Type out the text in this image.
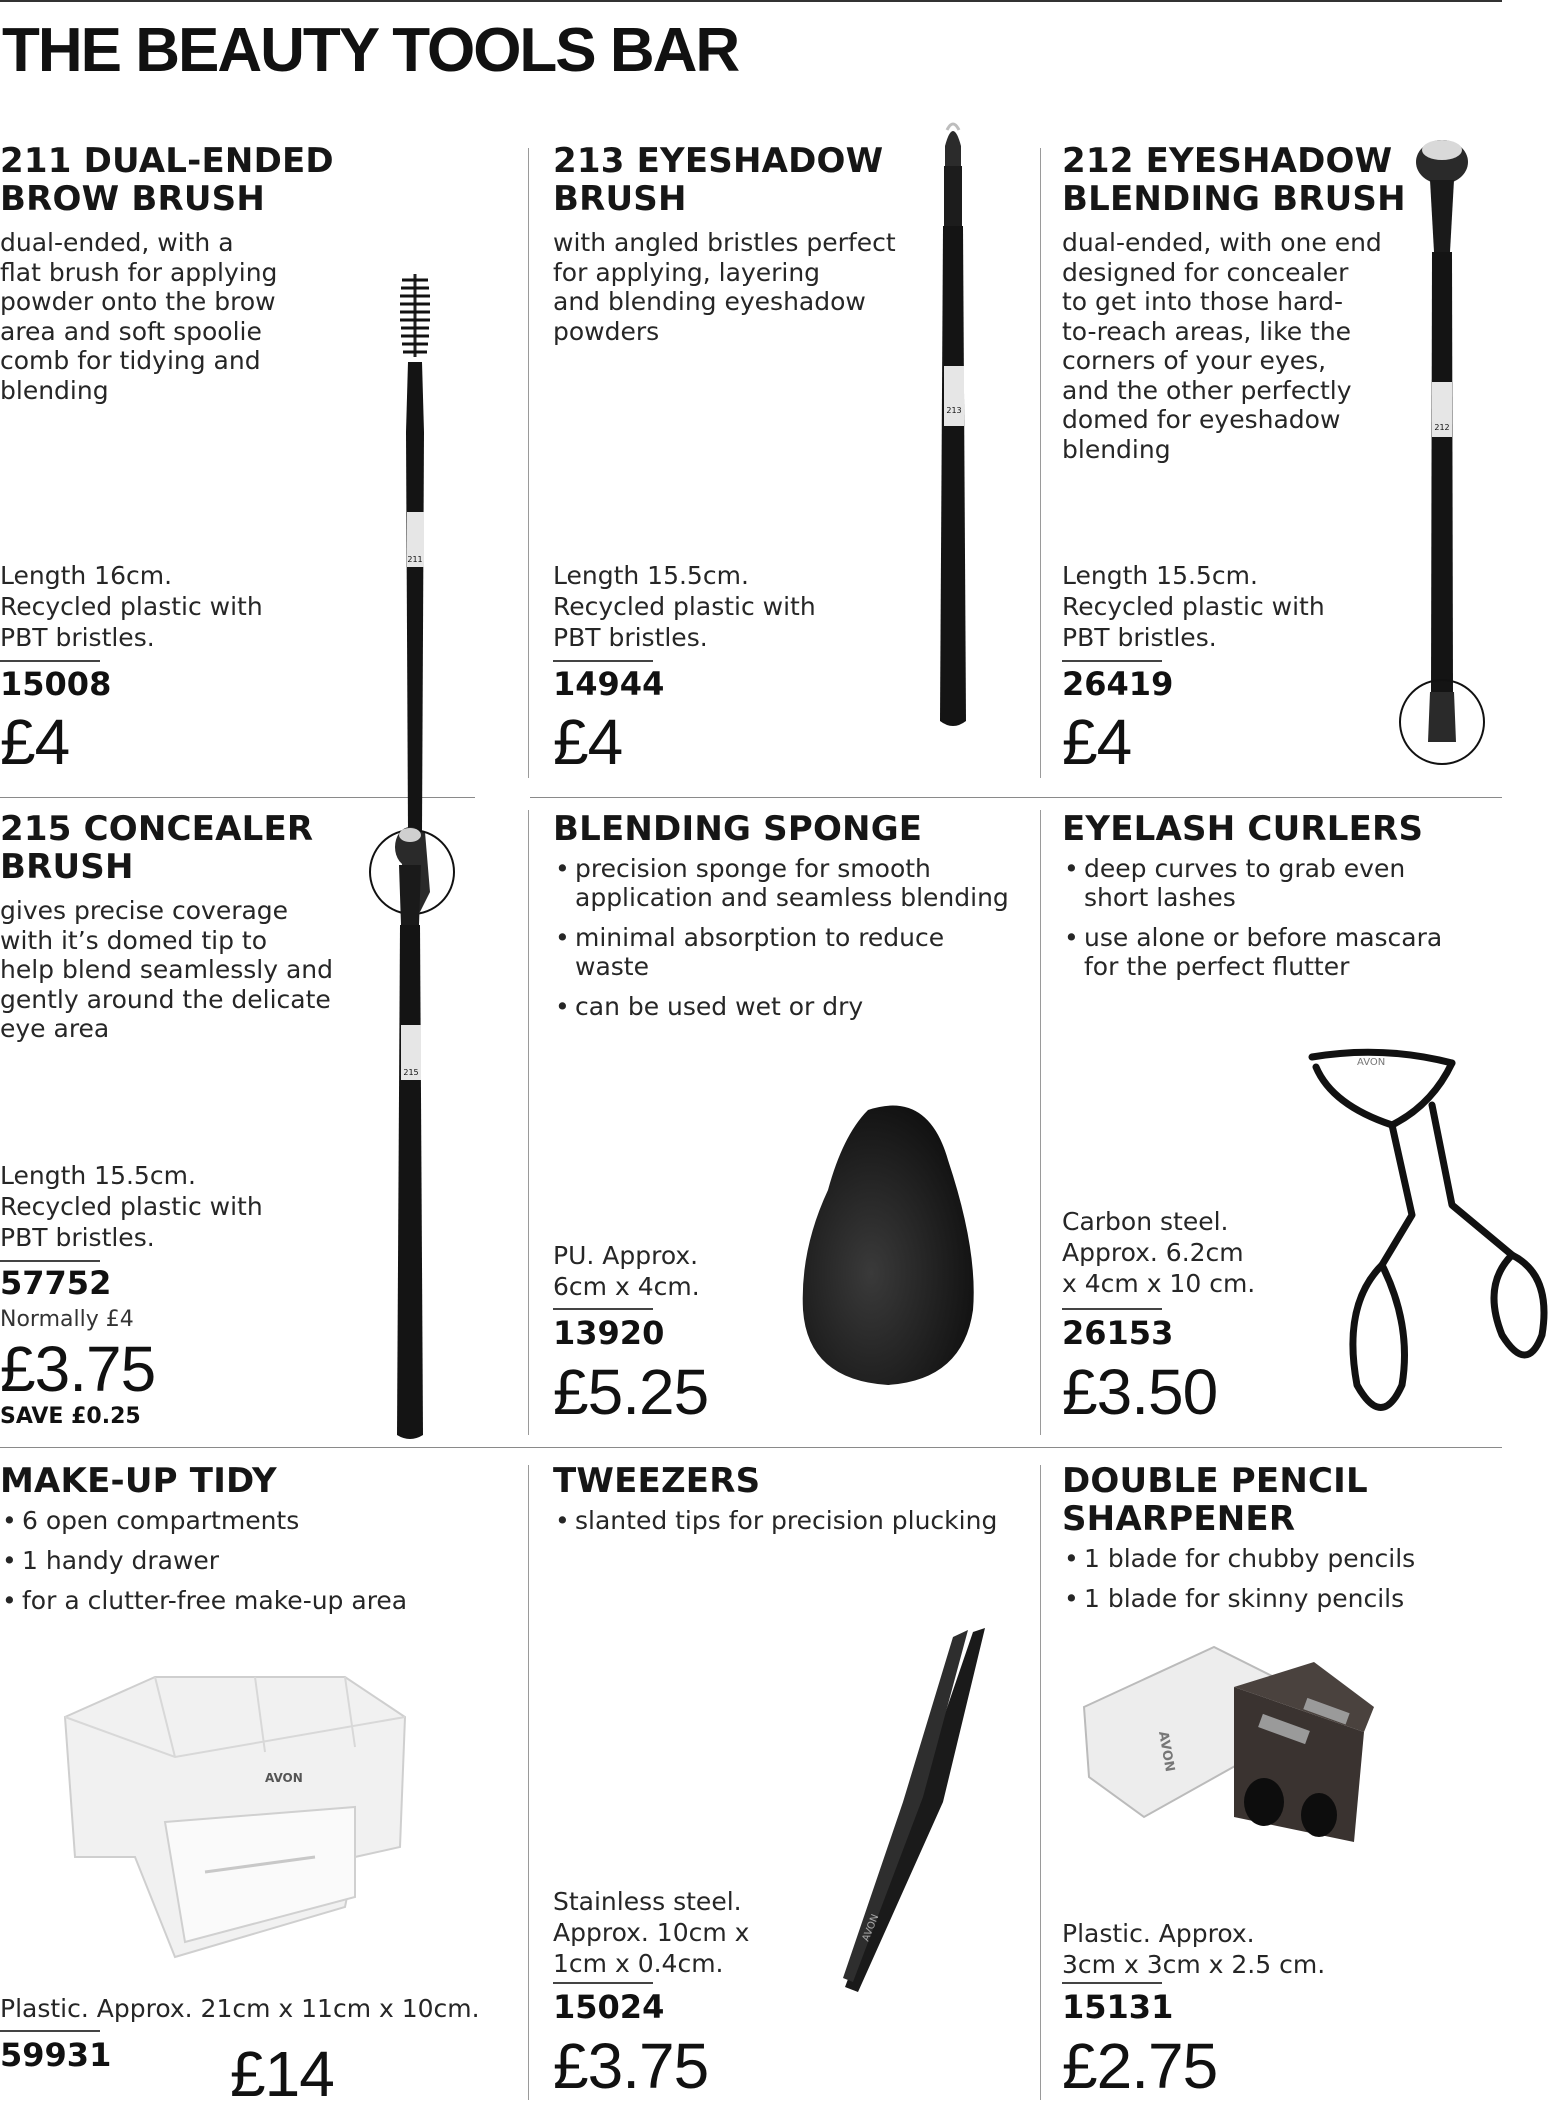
THE BEAUTY TOOLS BAR
211 DUAL-ENDED
BROW BRUSH
dual-ended, with a
flat brush for applying
powder onto the brow
area and soft spoolie
comb for tidying and
blending
Length 16cm.
Recycled plastic with
PBT bristles.
15008
£4
211
213 EYESHADOW
BRUSH
with angled bristles perfect
for applying, layering
and blending eyeshadow
powders
Length 15.5cm.
Recycled plastic with
PBT bristles.
14944
£4
213
212 EYESHADOW
BLENDING BRUSH
dual-ended, with one end
designed for concealer
to get into those hard-
to-reach areas, like the
corners of your eyes,
and the other perfectly
domed for eyeshadow
blending
Length 15.5cm.
Recycled plastic with
PBT bristles.
26419
£4
212
215 CONCEALER
BRUSH
gives precise coverage
with it’s domed tip to
help blend seamlessly and
gently around the delicate
eye area
Length 15.5cm.
Recycled plastic with
PBT bristles.
57752
Normally £4
£3.75
SAVE £0.25
215
BLENDING SPONGE
• precision sponge for smooth
application and seamless blending
• minimal absorption to reduce waste
• can be used wet or dry
PU. Approx.
6cm x 4cm.
13920
£5.25
EYELASH CURLERS
• deep curves to grab even
short lashes
• use alone or before mascara
for the perfect flutter
Carbon steel.
Approx. 6.2cm
x 4cm x 10 cm.
26153
£3.50
AVON
MAKE-UP TIDY
• 6 open compartments
• 1 handy drawer
• for a clutter-free make-up area
AVON
Plastic. Approx. 21cm x 11cm x 10cm.
59931 £14
TWEEZERS
• slanted tips for precision plucking
AVON
Stainless steel.
Approx. 10cm x
1cm x 0.4cm.
15024
£3.75
DOUBLE PENCIL
SHARPENER
• 1 blade for chubby pencils
• 1 blade for skinny pencils
AVON
Plastic. Approx.
3cm x 3cm x 2.5 cm.
15131
£2.75
